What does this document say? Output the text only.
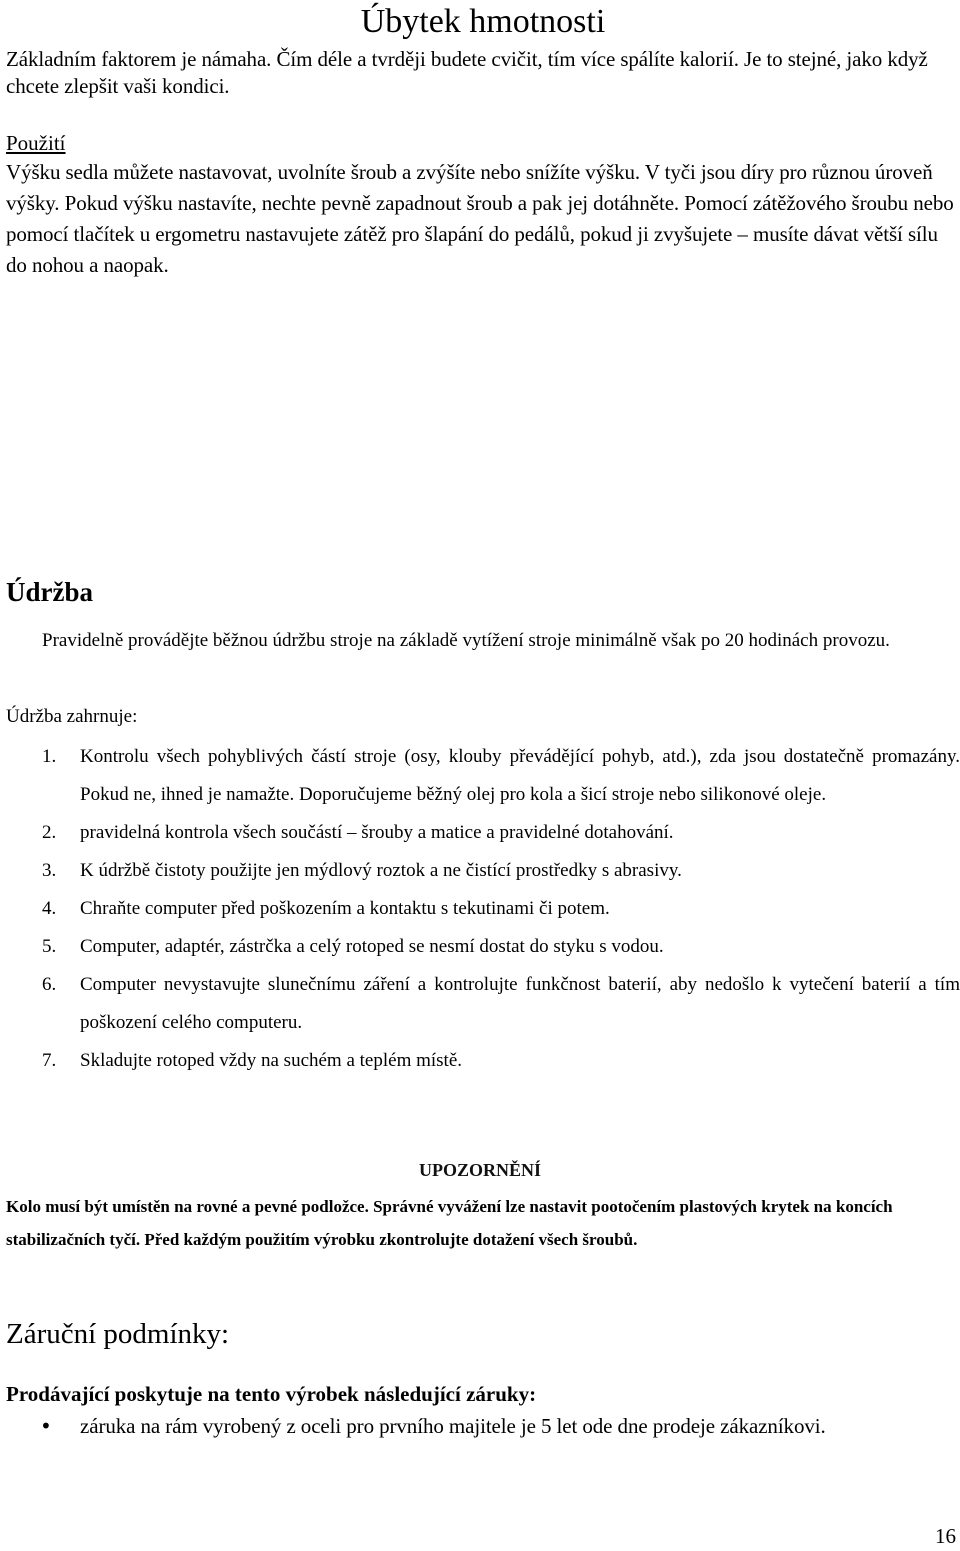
Úbytek hmotnosti
Základním faktorem je námaha. Čím déle a tvrději budete cvičit, tím více spálíte kalorií. Je to stejné, jako když chcete zlepšit vaši kondici.
Použití
Výšku sedla můžete nastavovat, uvolníte šroub a zvýšíte nebo snížíte výšku. V tyči jsou díry pro různou úroveň výšky. Pokud výšku nastavíte, nechte pevně zapadnout šroub a pak jej dotáhněte. Pomocí zátěžového šroubu nebo pomocí tlačítek u ergometru nastavujete zátěž pro šlapání do pedálů, pokud ji zvyšujete – musíte dávat větší sílu do nohou a naopak.
Údržba
Pravidelně provádějte běžnou údržbu stroje na základě vytížení stroje minimálně však po 20 hodinách provozu.
Údržba zahrnuje:
1.	Kontrolu všech pohyblivých částí stroje (osy, klouby převádějící pohyb, atd.), zda jsou dostatečně promazány. Pokud ne, ihned je namažte. Doporučujeme běžný olej pro kola a šicí stroje nebo silikonové oleje.
2.	pravidelná kontrola všech součástí – šrouby a matice a pravidelné dotahování.
3.	K údržbě čistoty použijte jen mýdlový roztok a ne čistící prostředky s abrasivy.
4.	Chraňte computer před poškozením a kontaktu s tekutinami či potem.
5.	Computer, adaptér, zástrčka a celý rotoped se nesmí dostat do styku s vodou.
6.	Computer nevystavujte slunečnímu záření a kontrolujte funkčnost baterií, aby nedošlo k vytečení baterií a tím poškození celého computeru.
7.	Skladujte rotoped vždy na suchém a teplém místě.
UPOZORNĚNÍ
Kolo musí být umístěn na rovné a pevné podložce. Správné vyvážení lze nastavit pootočením plastových krytek na koncích stabilizačních tyčí. Před každým použitím výrobku zkontrolujte dotažení všech šroubů.
Záruční podmínky:
Prodávající poskytuje na tento výrobek následující záruky:
•	záruka na rám vyrobený z oceli pro prvního majitele je 5 let ode dne prodeje zákazníkovi.
16
